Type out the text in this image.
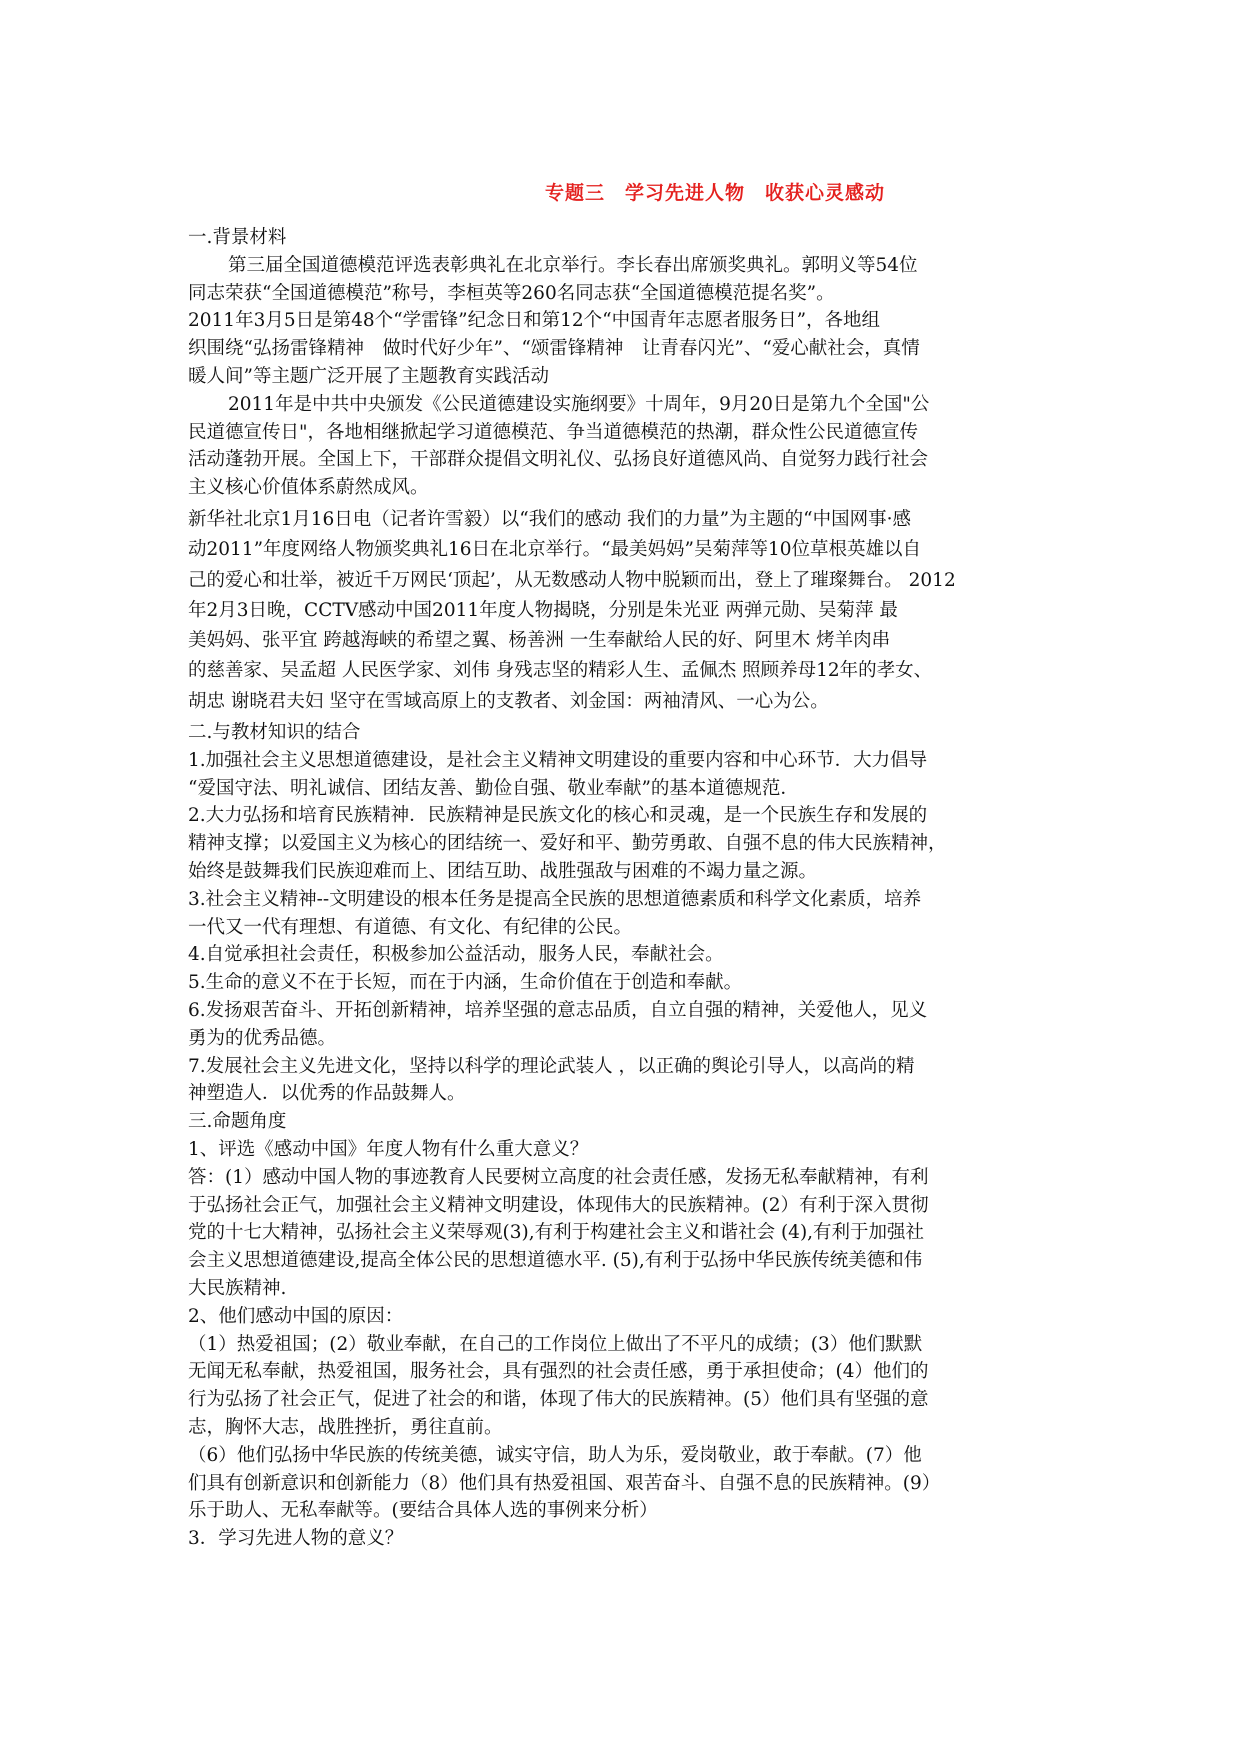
专题三　学习先进人物　收获心灵感动
一.背景材料
第三届全国道德模范评选表彰典礼在北京举行。李长春出席颁奖典礼。郭明义等54位
同志荣获“全国道德模范”称号，李桓英等260名同志获“全国道德模范提名奖”。
2011年3月5日是第48个“学雷锋”纪念日和第12个“中国青年志愿者服务日”，各地组
织围绕“弘扬雷锋精神　做时代好少年”、“颂雷锋精神　让青春闪光”、“爱心献社会，真情
暖人间”等主题广泛开展了主题教育实践活动
2011年是中共中央颁发《公民道德建设实施纲要》十周年，9月20日是第九个全国"公
民道德宣传日"，各地相继掀起学习道德模范、争当道德模范的热潮，群众性公民道德宣传
活动蓬勃开展。全国上下，干部群众提倡文明礼仪、弘扬良好道德风尚、自觉努力践行社会
主义核心价值体系蔚然成风。
新华社北京1月16日电（记者许雪毅）以“我们的感动 我们的力量”为主题的“中国网事·感
动2011”年度网络人物颁奖典礼16日在北京举行。“最美妈妈”吴菊萍等10位草根英雄以自
己的爱心和壮举，被近千万网民‘顶起’，从无数感动人物中脱颖而出，登上了璀璨舞台。 2012
年2月3日晚，CCTV感动中国2011年度人物揭晓，分别是朱光亚 两弹元勋、吴菊萍 最
美妈妈、张平宜 跨越海峡的希望之翼、杨善洲 一生奉献给人民的好、阿里木 烤羊肉串
的慈善家、吴孟超 人民医学家、刘伟 身残志坚的精彩人生、孟佩杰 照顾养母12年的孝女、
胡忠 谢晓君夫妇 坚守在雪域高原上的支教者、刘金国：两袖清风、一心为公。
二.与教材知识的结合
1.加强社会主义思想道德建设，是社会主义精神文明建设的重要内容和中心环节．大力倡导
“爱国守法、明礼诚信、团结友善、勤俭自强、敬业奉献”的基本道德规范．
2.大力弘扬和培育民族精神．民族精神是民族文化的核心和灵魂，是一个民族生存和发展的
精神支撑；以爱国主义为核心的团结统一、爱好和平、勤劳勇敢、自强不息的伟大民族精神，
始终是鼓舞我们民族迎难而上、团结互助、战胜强敌与困难的不竭力量之源。
3.社会主义精神--文明建设的根本任务是提高全民族的思想道德素质和科学文化素质，培养
一代又一代有理想、有道德、有文化、有纪律的公民。
4.自觉承担社会责任，积极参加公益活动，服务人民，奉献社会。
5.生命的意义不在于长短，而在于内涵，生命价值在于创造和奉献。
6.发扬艰苦奋斗、开拓创新精神，培养坚强的意志品质，自立自强的精神，关爱他人，见义
勇为的优秀品德。
7.发展社会主义先进文化，坚持以科学的理论武装人 ，以正确的舆论引导人，以高尚的精
神塑造人．以优秀的作品鼓舞人。
三.命题角度
1、评选《感动中国》年度人物有什么重大意义？
答：(1）感动中国人物的事迹教育人民要树立高度的社会责任感，发扬无私奉献精神，有利
于弘扬社会正气，加强社会主义精神文明建设，体现伟大的民族精神。(2）有利于深入贯彻
党的十七大精神，弘扬社会主义荣辱观(3),有利于构建社会主义和谐社会 (4),有利于加强社
会主义思想道德建设,提高全体公民的思想道德水平. (5),有利于弘扬中华民族传统美德和伟
大民族精神.
2、他们感动中国的原因：
（1）热爱祖国；(2）敬业奉献，在自己的工作岗位上做出了不平凡的成绩；(3）他们默默
无闻无私奉献，热爱祖国，服务社会，具有强烈的社会责任感，勇于承担使命；(4）他们的
行为弘扬了社会正气，促进了社会的和谐，体现了伟大的民族精神。(5）他们具有坚强的意
志，胸怀大志，战胜挫折，勇往直前。
（6）他们弘扬中华民族的传统美德，诚实守信，助人为乐，爱岗敬业，敢于奉献。(7）他
们具有创新意识和创新能力（8）他们具有热爱祖国、艰苦奋斗、自强不息的民族精神。(9）
乐于助人、无私奉献等。(要结合具体人选的事例来分析）
3．学习先进人物的意义？
